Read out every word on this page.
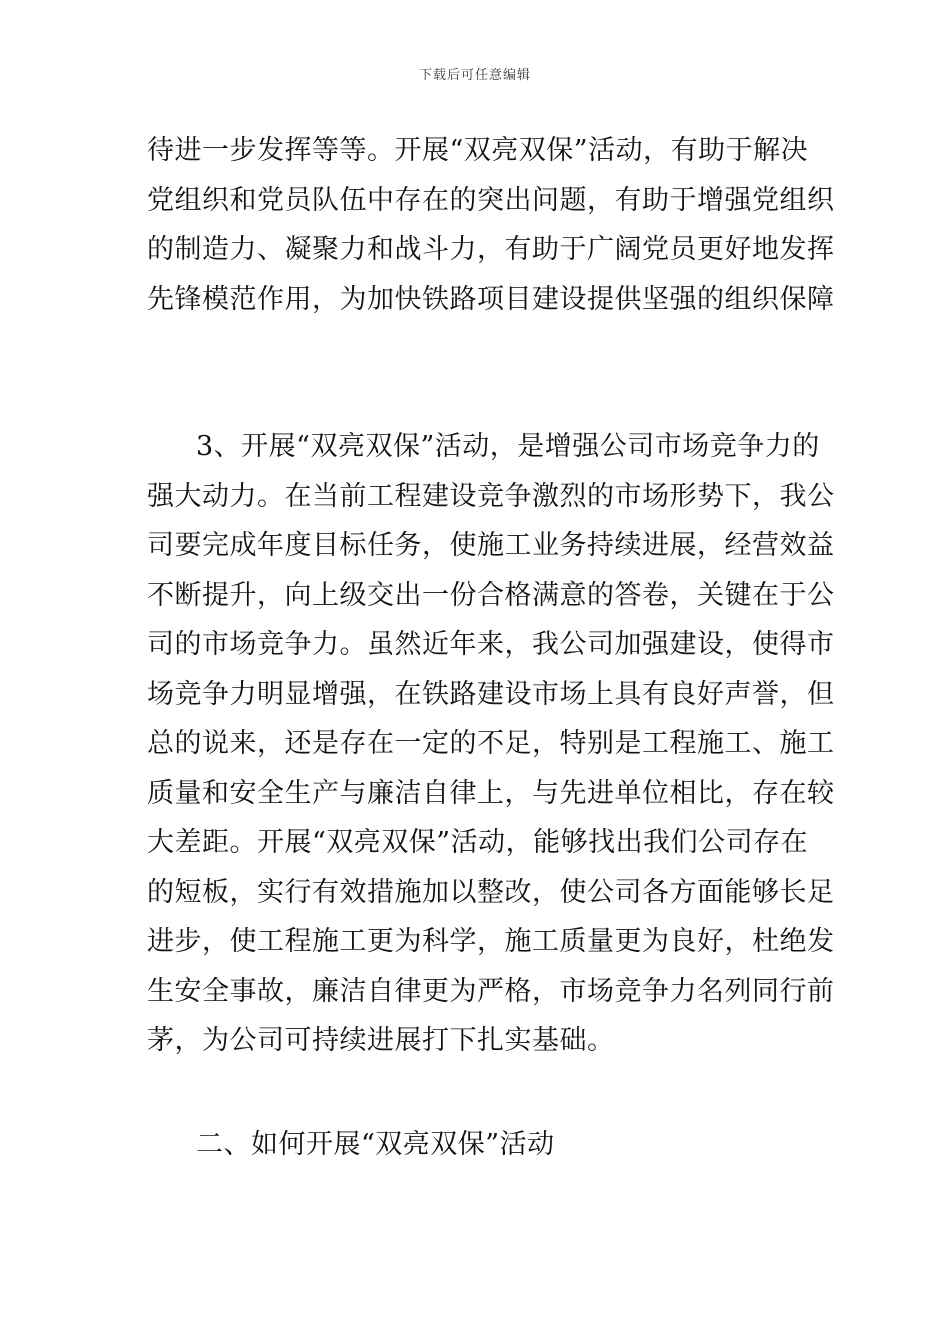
下载后可任意编辑
待进一步发挥等等。开展“双亮双保”活动，有助于解决
党组织和党员队伍中存在的突出问题，有助于增强党组织
的制造力、凝聚力和战斗力，有助于广阔党员更好地发挥
先锋模范作用，为加快铁路项目建设提供坚强的组织保障
3、开展“双亮双保”活动，是增强公司市场竞争力的
强大动力。在当前工程建设竞争激烈的市场形势下，我公
司要完成年度目标任务，使施工业务持续进展，经营效益
不断提升，向上级交出一份合格满意的答卷，关键在于公
司的市场竞争力。虽然近年来，我公司加强建设，使得市
场竞争力明显增强，在铁路建设市场上具有良好声誉，但
总的说来，还是存在一定的不足，特别是工程施工、施工
质量和安全生产与廉洁自律上，与先进单位相比，存在较
大差距。开展“双亮双保”活动，能够找出我们公司存在
的短板，实行有效措施加以整改，使公司各方面能够长足
进步，使工程施工更为科学，施工质量更为良好，杜绝发
生安全事故，廉洁自律更为严格，市场竞争力名列同行前
茅，为公司可持续进展打下扎实基础。
二、如何开展“双亮双保”活动
